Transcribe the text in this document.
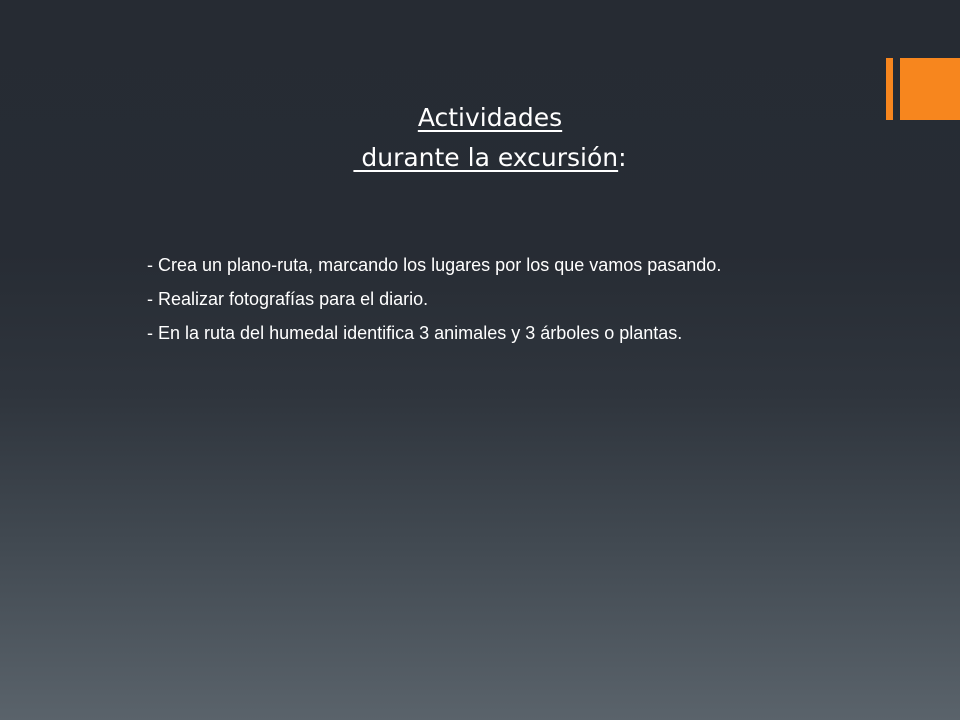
Actividades
durante la excursión:

- Crea un plano-ruta, marcando los lugares por los que vamos pasando.

- Realizar fotografías para el diario.

- En la ruta del humedal identifica 3 animales y 3 árboles o plantas.
